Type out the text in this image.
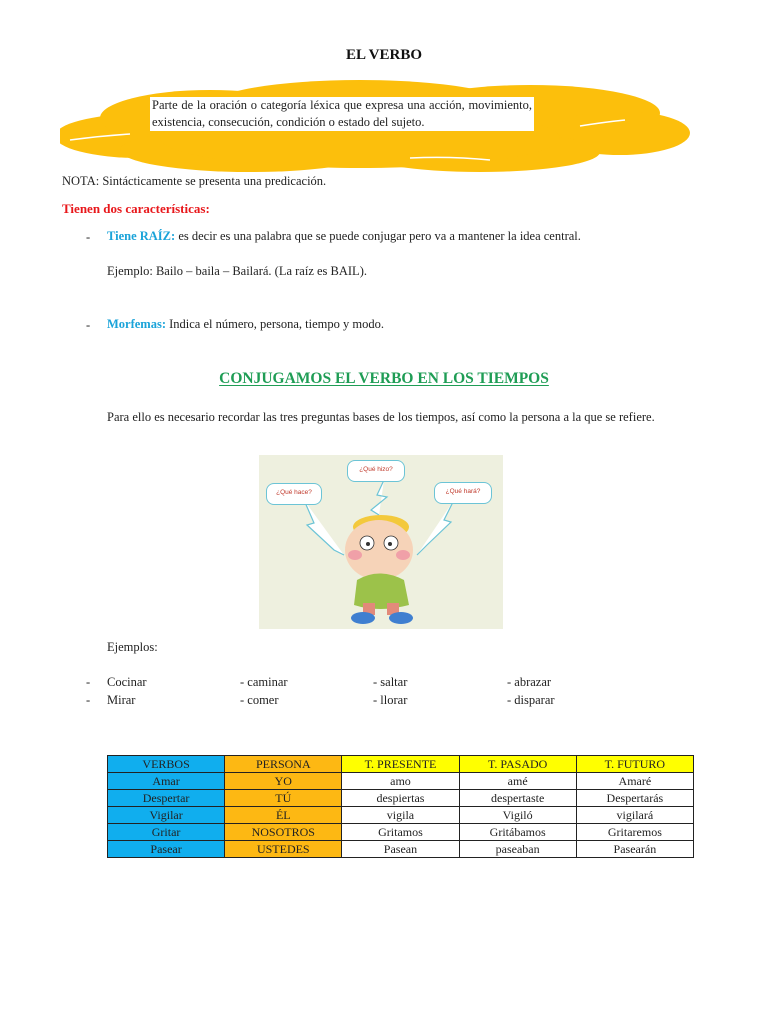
EL VERBO
Parte de la oración o categoría léxica que expresa una acción, movimiento, existencia, consecución, condición o estado del sujeto.
NOTA: Sintácticamente se presenta una predicación.
Tienen dos características:
- Tiene RAÍZ: es decir es una palabra que se puede conjugar pero va a mantener la idea central.
Ejemplo: Bailo – baila – Bailará. (La raíz es BAIL).
- Morfemas: Indica el número, persona, tiempo y modo.
CONJUGAMOS EL VERBO EN LOS TIEMPOS
Para ello es necesario recordar las tres preguntas bases de los tiempos, así como la persona a la que se refiere.
¿Qué hace?
¿Qué hizo?
¿Qué hará?
Ejemplos:
- Cocinar	- caminar	- saltar	- abrazar
- Mirar	- comer	- llorar	- disparar
VERBOS	PERSONA	T. PRESENTE	T. PASADO	T. FUTURO
Amar	YO	amo	amé	Amaré
Despertar	TÚ	despiertas	despertaste	Despertarás
Vigilar	ÉL	vigila	Vigiló	vigilará
Gritar	NOSOTROS	Gritamos	Gritábamos	Gritaremos
Pasear	USTEDES	Pasean	paseaban	Pasearán
